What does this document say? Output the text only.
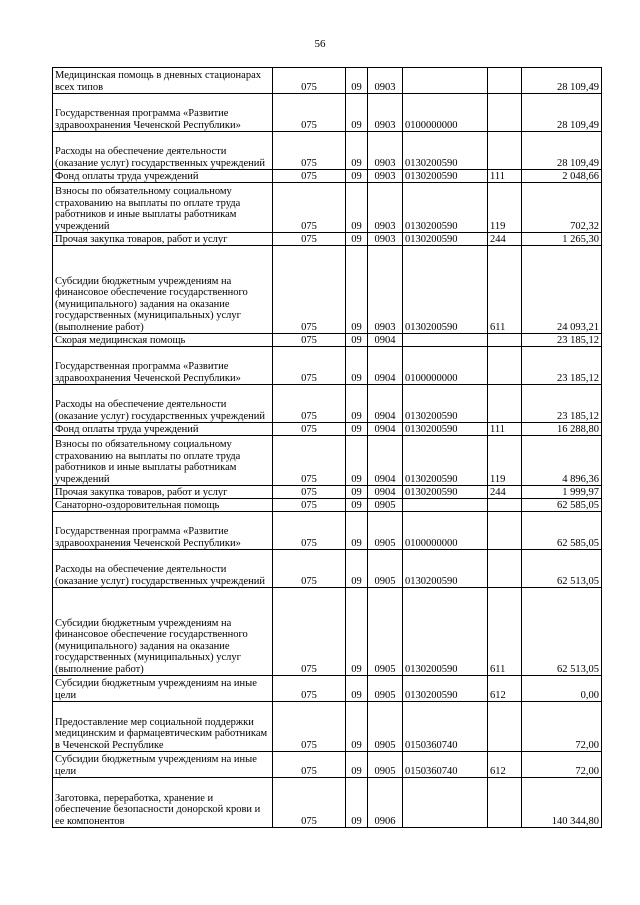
56
Медицинская помощь в дневных стационарах всех типов	075	09	0903			28 109,49
Государственная программа «Развитие здравоохранения Чеченской Республики»	075	09	0903	0100000000		28 109,49
Расходы на обеспечение деятельности (оказание услуг) государственных учреждений	075	09	0903	0130200590		28 109,49
Фонд оплаты труда учреждений	075	09	0903	0130200590	111	2 048,66
Взносы по обязательному социальному страхованию на выплаты по оплате труда работников и иные выплаты работникам учреждений	075	09	0903	0130200590	119	702,32
Прочая закупка товаров, работ и услуг	075	09	0903	0130200590	244	1 265,30
Субсидии бюджетным учреждениям на финансовое обеспечение государственного (муниципального) задания на оказание государственных (муниципальных) услуг (выполнение работ)	075	09	0903	0130200590	611	24 093,21
Скорая медицинская помощь	075	09	0904			23 185,12
Государственная программа «Развитие здравоохранения Чеченской Республики»	075	09	0904	0100000000		23 185,12
Расходы на обеспечение деятельности (оказание услуг) государственных учреждений	075	09	0904	0130200590		23 185,12
Фонд оплаты труда учреждений	075	09	0904	0130200590	111	16 288,80
Взносы по обязательному социальному страхованию на выплаты по оплате труда работников и иные выплаты работникам учреждений	075	09	0904	0130200590	119	4 896,36
Прочая закупка товаров, работ и услуг	075	09	0904	0130200590	244	1 999,97
Санаторно-оздоровительная помощь	075	09	0905			62 585,05
Государственная программа «Развитие здравоохранения Чеченской Республики»	075	09	0905	0100000000		62 585,05
Расходы на обеспечение деятельности (оказание услуг) государственных учреждений	075	09	0905	0130200590		62 513,05
Субсидии бюджетным учреждениям на финансовое обеспечение государственного (муниципального) задания на оказание государственных (муниципальных) услуг (выполнение работ)	075	09	0905	0130200590	611	62 513,05
Субсидии бюджетным учреждениям на иные цели	075	09	0905	0130200590	612	0,00
Предоставление мер социальной поддержки медицинским и фармацевтическим работникам в Чеченской Республике	075	09	0905	0150360740		72,00
Субсидии бюджетным учреждениям на иные цели	075	09	0905	0150360740	612	72,00
Заготовка, переработка, хранение и обеспечение безопасности донорской крови и ее компонентов	075	09	0906			140 344,80
